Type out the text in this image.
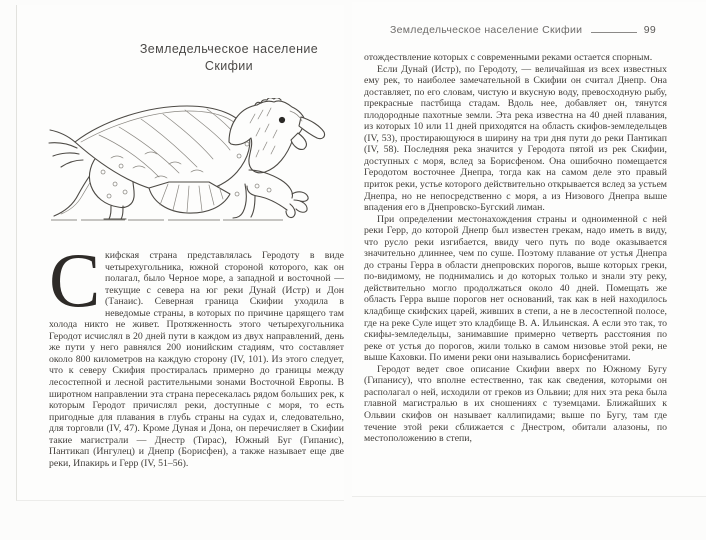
Земледельческое население
Скифии

Скифская страна представлялась Геродоту в виде четырехугольника, южной стороной которого, как он полагал, было Черное море, а западной и восточной — текущие с севера на юг реки Дунай (Истр) и Дон (Танаис). Северная граница Скифии уходила в неведомые страны, в которых по причине царящего там холода никто не живет. Протяженность этого четырехугольника Геродот исчислял в 20 дней пути в каждом из двух направлений, день же пути у него равнялся 200 ионийским стадиям, что составляет около 800 километров на каждую сторону (IV, 101). Из этого следует, что к северу Скифия простиралась примерно до границы между лесостепной и лесной растительными зонами Восточной Европы. В широтном направлении эта страна пересекалась рядом больших рек, к которым Геродот причислял реки, доступные с моря, то есть пригодные для плавания в глубь страны на судах и, следовательно, для торговли (IV, 47). Кроме Дуная и Дона, он перечисляет в Скифии такие магистрали — Днестр (Тирас), Южный Буг (Гипанис), Пантикап (Ингулец) и Днепр (Борисфен), а также называет еще две реки, Ипакирь и Герр (IV, 51–56).

Земледельческое население Скифии	99

отождествление которых с современными реками остается спорным.

Если Дунай (Истр), по Геродоту, — величайшая из всех известных ему рек, то наиболее замечательной в Скифии он считал Днепр. Она доставляет, по его словам, чистую и вкусную воду, превосходную рыбу, прекрасные пастбища стадам. Вдоль нее, добавляет он, тянутся плодородные пахотные земли. Эта река известна на 40 дней плавания, из которых 10 или 11 дней приходятся на область скифов-земледельцев (IV, 53), простирающуюся в ширину на три дня пути до реки Пантикап (IV, 58). Последняя река значится у Геродота пятой из рек Скифии, доступных с моря, вслед за Борисфеном. Она ошибочно помещается Геродотом восточнее Днепра, тогда как на самом деле это правый приток реки, устье которого действительно открывается вслед за устьем Днепра, но не непосредственно с моря, а из Низового Днепра выше впадения его в Днепровско-Бугский лиман.

При определении местонахождения страны и одноименной с ней реки Герр, до которой Днепр был известен грекам, надо иметь в виду, что русло реки изгибается, ввиду чего путь по воде оказывается значительно длиннее, чем по суше. Поэтому плавание от устья Днепра до страны Герра в области днепровских порогов, выше которых греки, по-видимому, не поднимались и до которых только и знали эту реку, действительно могло продолжаться около 40 дней. Помещать же область Герра выше порогов нет оснований, так как в ней находилось кладбище скифских царей, живших в степи, а не в лесостепной полосе, где на реке Суле ищет это кладбище В. А. Ильинская. А если это так, то скифы-земледельцы, занимавшие примерно четверть расстояния по реке от устья до порогов, жили только в самом низовье этой реки, не выше Каховки. По имени реки они назывались борисфенитами.

Геродот ведет свое описание Скифии вверх по Южному Бугу (Гипанису), что вполне естественно, так как сведения, которыми он располагал о ней, исходили от греков из Ольвии; для них эта река была главной магистралью в их сношениях с туземцами. Ближайших к Ольвии скифов он называет каллипидами; выше по Бугу, там где течение этой реки сближается с Днестром, обитали алазоны, по местоположению в степи,
